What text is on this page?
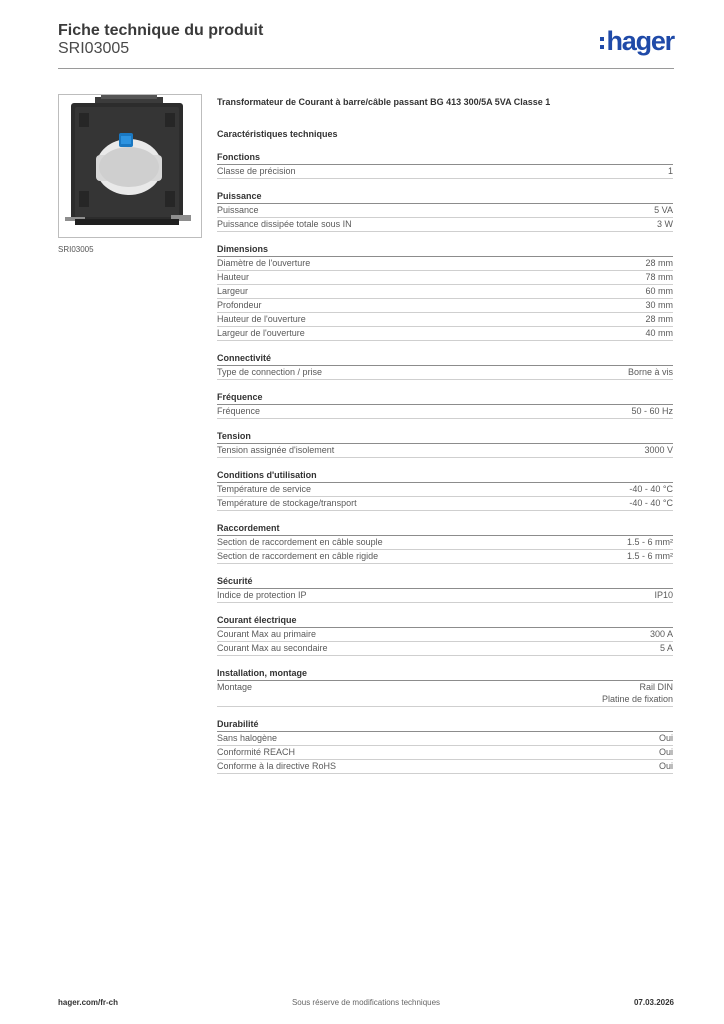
Fiche technique du produit
SRI03005	hager
SRI03005
Transformateur de Courant à barre/câble passant BG 413 300/5A 5VA Classe 1
Caractéristiques techniques
Fonctions
Classe de précision	1
Puissance
Puissance	5 VA
Puissance dissipée totale sous IN	3 W
Dimensions
Diamètre de l'ouverture	28 mm
Hauteur	78 mm
Largeur	60 mm
Profondeur	30 mm
Hauteur de l'ouverture	28 mm
Largeur de l'ouverture	40 mm
Connectivité
Type de connection / prise	Borne à vis
Fréquence
Fréquence	50 - 60 Hz
Tension
Tension assignée d'isolement	3000 V
Conditions d'utilisation
Température de service	-40 - 40 °C
Température de stockage/transport	-40 - 40 °C
Raccordement
Section de raccordement en câble souple	1.5 - 6 mm²
Section de raccordement en câble rigide	1.5 - 6 mm²
Sécurité
Indice de protection IP	IP10
Courant électrique
Courant Max au primaire	300 A
Courant Max au secondaire	5 A
Installation, montage
Montage	Rail DIN
Platine de fixation
Durabilité
Sans halogène	Oui
Conformité REACH	Oui
Conforme à la directive RoHS	Oui
hager.com/fr-ch	Sous réserve de modifications techniques	07.03.2026
